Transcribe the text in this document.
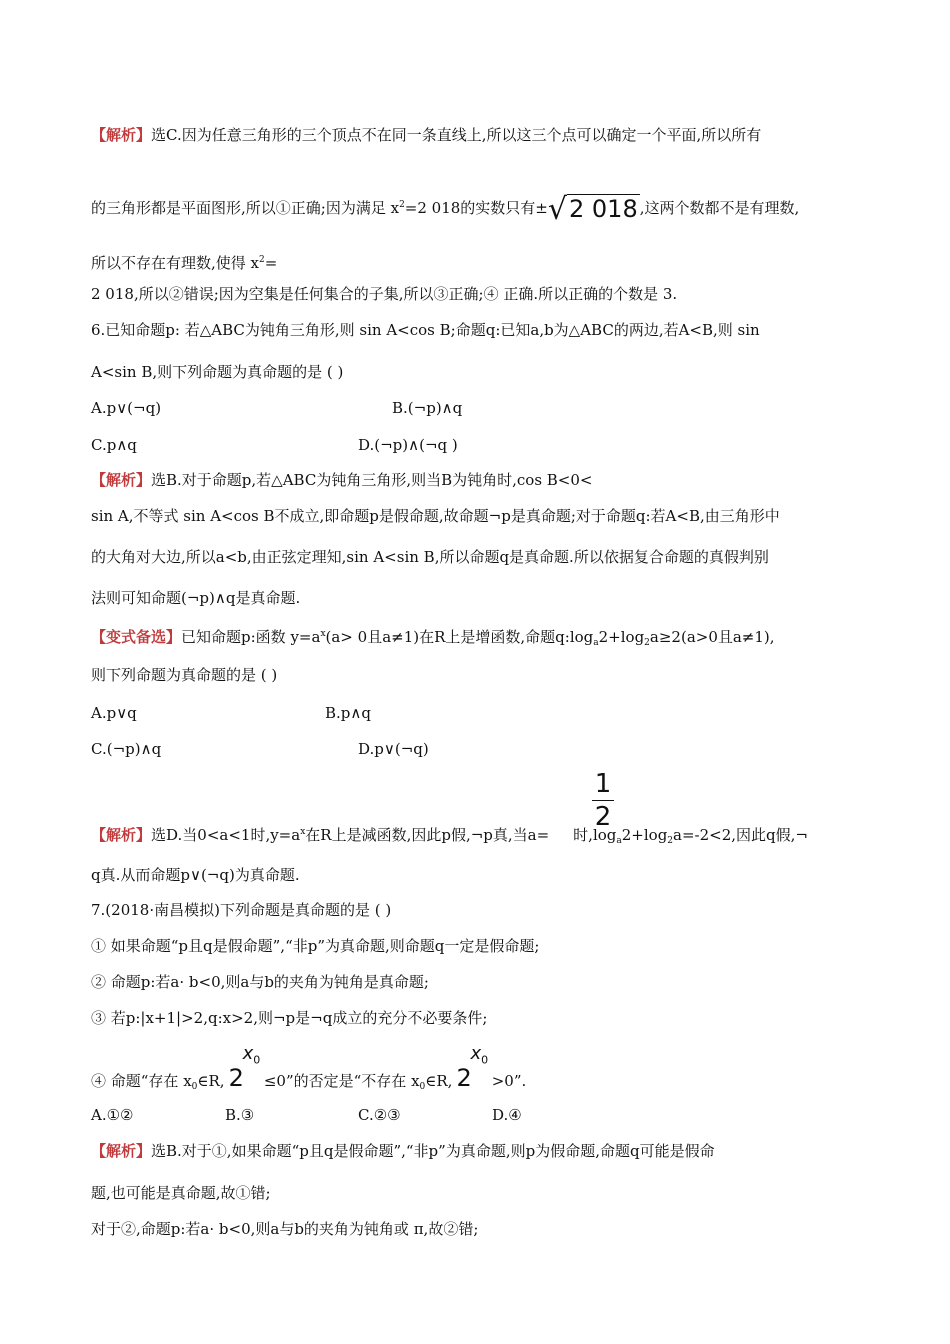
【解析】选C.因为任意三角形的三个顶点不在同一条直线上,所以这三个点可以确定一个平面,所以所有
的三角形都是平面图形,所以①正确;因为满足 $x^2=2$ 018的实数只有±√2 018 ,这两个数都不是有理数,
所以不存在有理数,使得 $x^2=$
2 018,所以②错误;因为空集是任何集合的子集,所以③正确;④ 正确.所以正确的个数是 3.
6.已知命题p: 若△ABC为钝角三角形,则 sin A<cos B;命题q:已知a,b为△ABC的两边,若A<B,则 sin
A<sin B,则下列命题为真命题的是 ( )
A.p∨(¬q)	B.(¬p)∧q
C.p∧q	D.(¬p)∧(¬q )
【解析】选B.对于命题p,若△ABC为钝角三角形,则当B为钝角时,cos B<0<
sin A,不等式 sin A<cos B不成立,即命题p是假命题,故命题¬p是真命题;对于命题q:若A<B,由三角形中
的大角对大边,所以a<b,由正弦定理知,sin A<sin B,所以命题q是真命题.所以依据复合命题的真假判别
法则可知命题(¬p)∧q是真命题.
【变式备选】已知命题p:函数 $y=a^x(a> 0$且a≠1)在R上是增函数,命题$q:\log_a2+\log_2a\ge 2(a>0$且a≠1),
则下列命题为真命题的是 ( )
A.p∨q	B.p∧q
C.(¬p)∧q	D.p∨(¬q)
1
2
【解析】选D.当0<a<1时$,y=a^x$在R上是减函数,因此p假,¬p真,当a= 时$,\log_a2+\log_2a=-2<2$,因此q假,¬
q真.从而命题p∨(¬q)为真命题.
7.(2018·南昌模拟)下列命题是真命题的是 ( )
① 如果命题“p且q是假命题”,“非p”为真命题,则命题q一定是假命题;
② 命题p:若a· b<0,则a与b的夹角为钝角是真命题;
③ 若p:|x+1|>2,q:x>2,则¬p是¬q成立的充分不必要条件;
④ 命题“存在 $x_0\in R$, 2
$x_0$
≤0”的否定是“不存在 $x_0\in R$, 2
$x_0$
>0”.
A.①②	B.③	C.②③	D.④
【解析】选B.对于①,如果命题“p且q是假命题”,“非p”为真命题,则p为假命题,命题q可能是假命
题,也可能是真命题,故①错;
对于②,命题p:若a· b<0,则a与b的夹角为钝角或 π,故②错;
